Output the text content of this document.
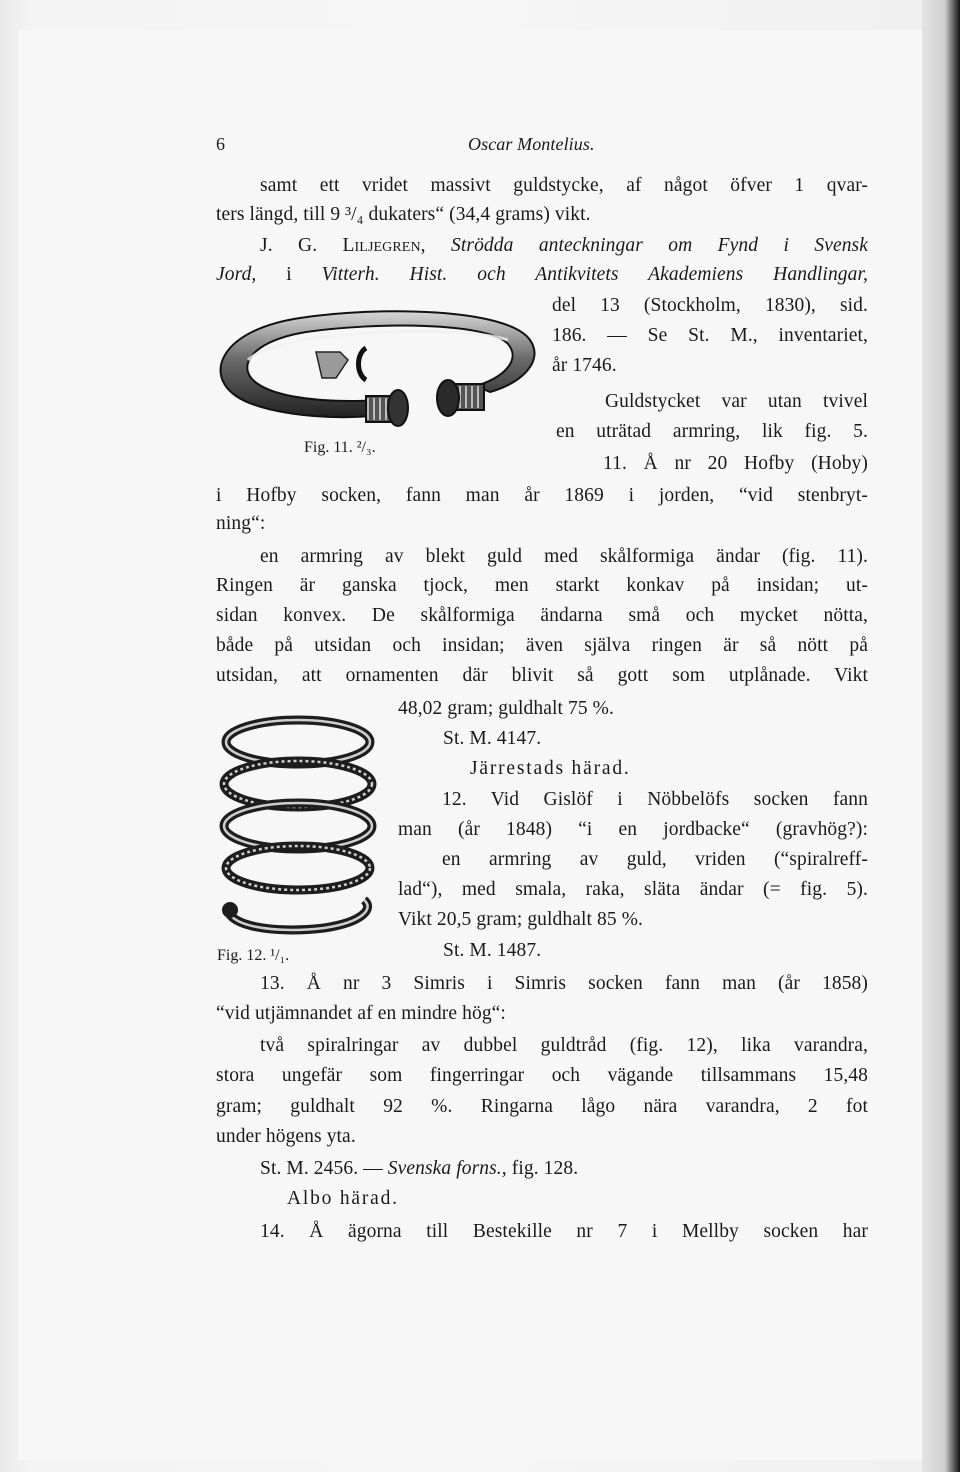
6	Oscar Montelius.
Fig. 11. ²/₃.
Fig. 12. ¹/₁.

samt ett vridet massivt guldstycke, af något öfver 1 qvar-

ters längd, till 9 ³/₄ dukaters“ (34,4 grams) vikt.

J. G. Liljegren, Strödda anteckningar om Fynd i Svensk

Jord, i Vitterh. Hist. och Antikvitets Akademiens Handlingar,

del 13 (Stockholm, 1830), sid.

186. — Se St. M., inventariet,

år 1746.

Guldstycket var utan tvivel

en uträtad armring, lik fig. 5.

11. Å nr 20 Hofby (Hoby)

i Hofby socken, fann man år 1869 i jorden, “vid stenbryt-

ning“:

en armring av blekt guld med skålformiga ändar (fig. 11).

Ringen är ganska tjock, men starkt konkav på insidan; ut-

sidan konvex. De skålformiga ändarna små och mycket nötta,

både på utsidan och insidan; även själva ringen är så nött på

utsidan, att ornamenten där blivit så gott som utplånade. Vikt

48,02 gram; guldhalt 75 %.

St. M. 4147.

Järrestads härad.

12. Vid Gislöf i Nöbbelöfs socken fann

man (år 1848) “i en jordbacke“ (gravhög?):

en armring av guld, vriden (“spiralreff-

lad“), med smala, raka, släta ändar (= fig. 5).

Vikt 20,5 gram; guldhalt 85 %.

St. M. 1487.

13. Å nr 3 Simris i Simris socken fann man (år 1858)

“vid utjämnandet af en mindre hög“:

två spiralringar av dubbel guldtråd (fig. 12), lika varandra,

stora ungefär som fingerringar och vägande tillsammans 15,48

gram; guldhalt 92 %. Ringarna lågo nära varandra, 2 fot

under högens yta.

St. M. 2456. — Svenska forns., fig. 128.

Albo härad.

14. Å ägorna till Bestekille nr 7 i Mellby socken har
